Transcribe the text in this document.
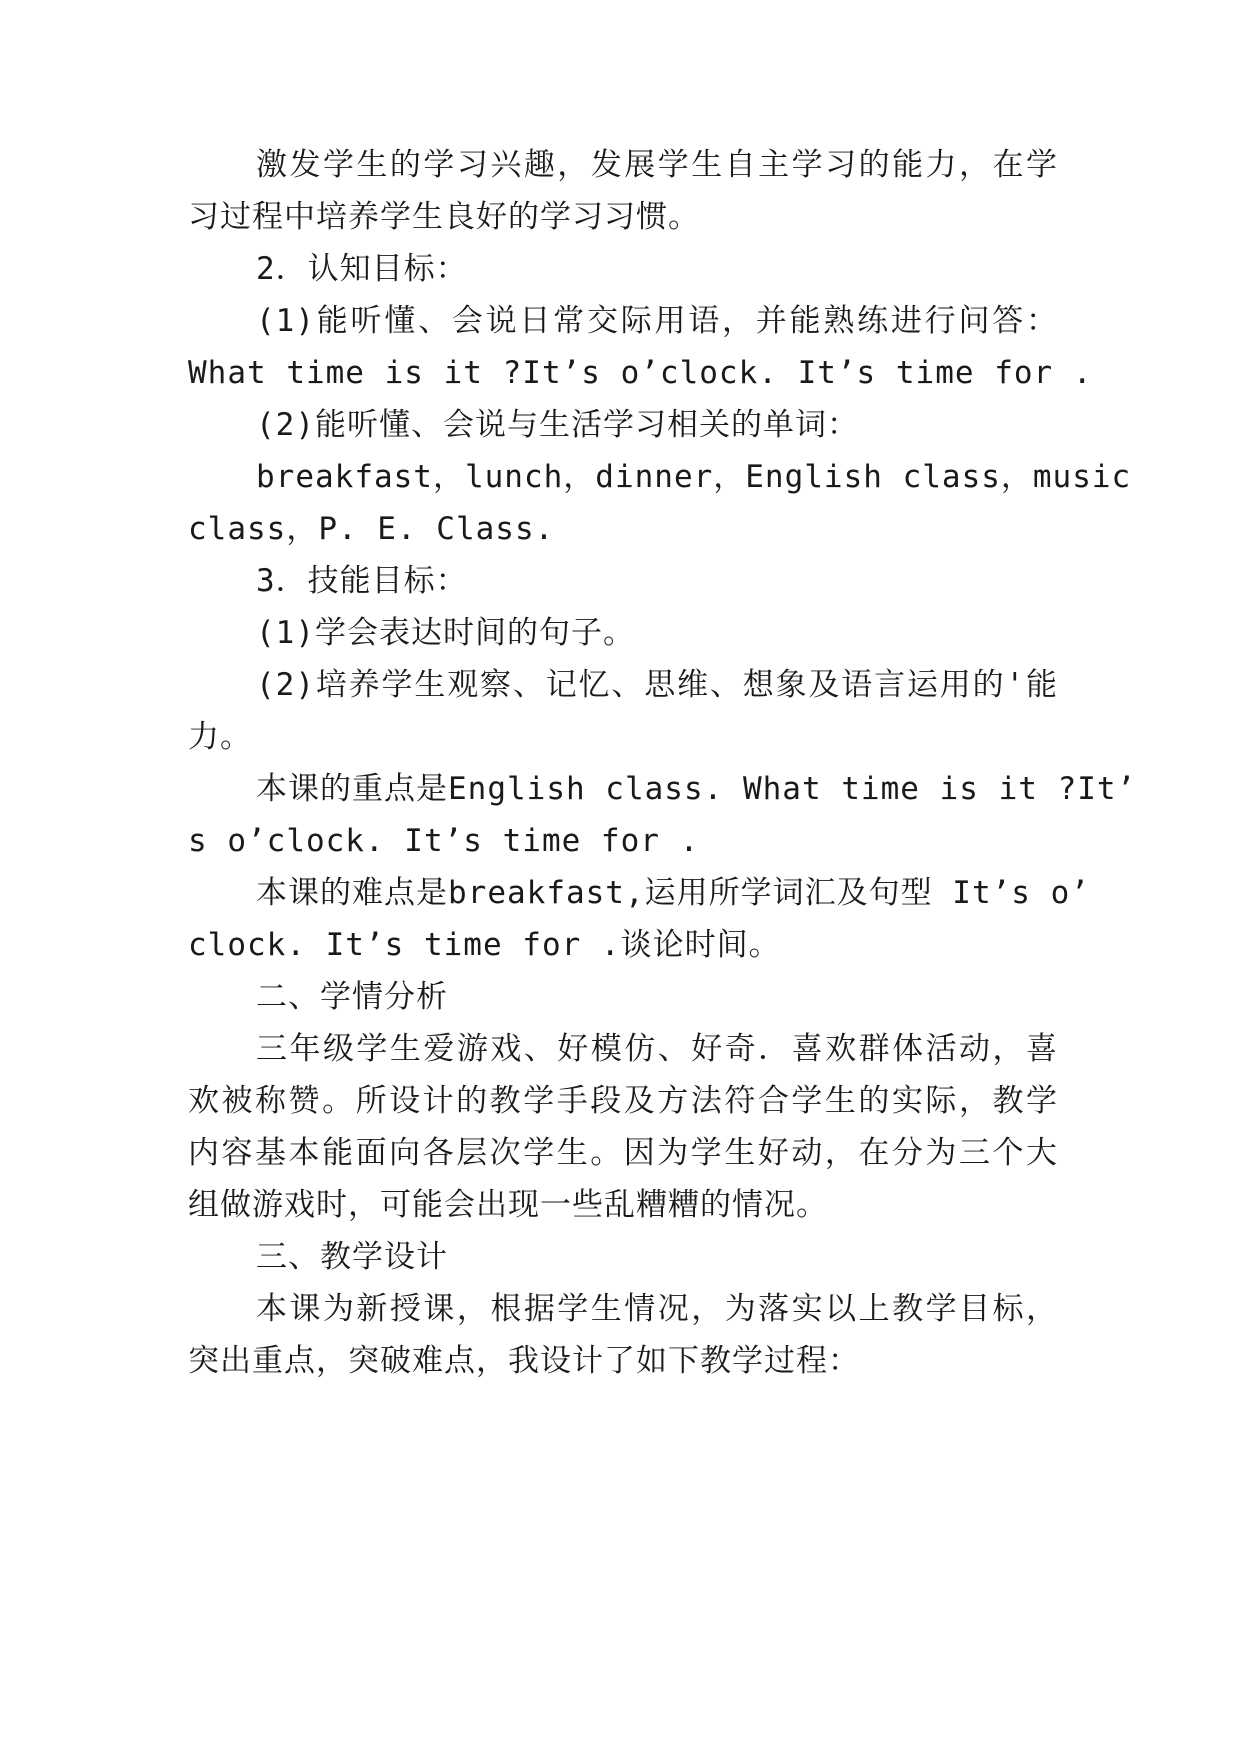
激发学生的学习兴趣，发展学生自主学习的能力，在学

习过程中培养学生良好的学习习惯。

2．认知目标：

(1)能听懂、会说日常交际用语，并能熟练进行问答：

What time is it ?It’s o’clock. It’s time for .

(2)能听懂、会说与生活学习相关的单词：

breakfast，lunch，dinner，English class，music

class，P. E. Class.

3．技能目标：

(1)学会表达时间的句子。

(2)培养学生观察、记忆、思维、想象及语言运用的'能

力。

本课的重点是English class. What time is it ?It’

s o’clock. It’s time for .

本课的难点是breakfast,运用所学词汇及句型 It’s o’

clock. It’s time for .谈论时间。

二、学情分析

三年级学生爱游戏、好模仿、好奇．喜欢群体活动，喜

欢被称赞。所设计的教学手段及方法符合学生的实际，教学

内容基本能面向各层次学生。因为学生好动，在分为三个大

组做游戏时，可能会出现一些乱糟糟的情况。

三、教学设计

本课为新授课，根据学生情况，为落实以上教学目标，

突出重点，突破难点，我设计了如下教学过程：
